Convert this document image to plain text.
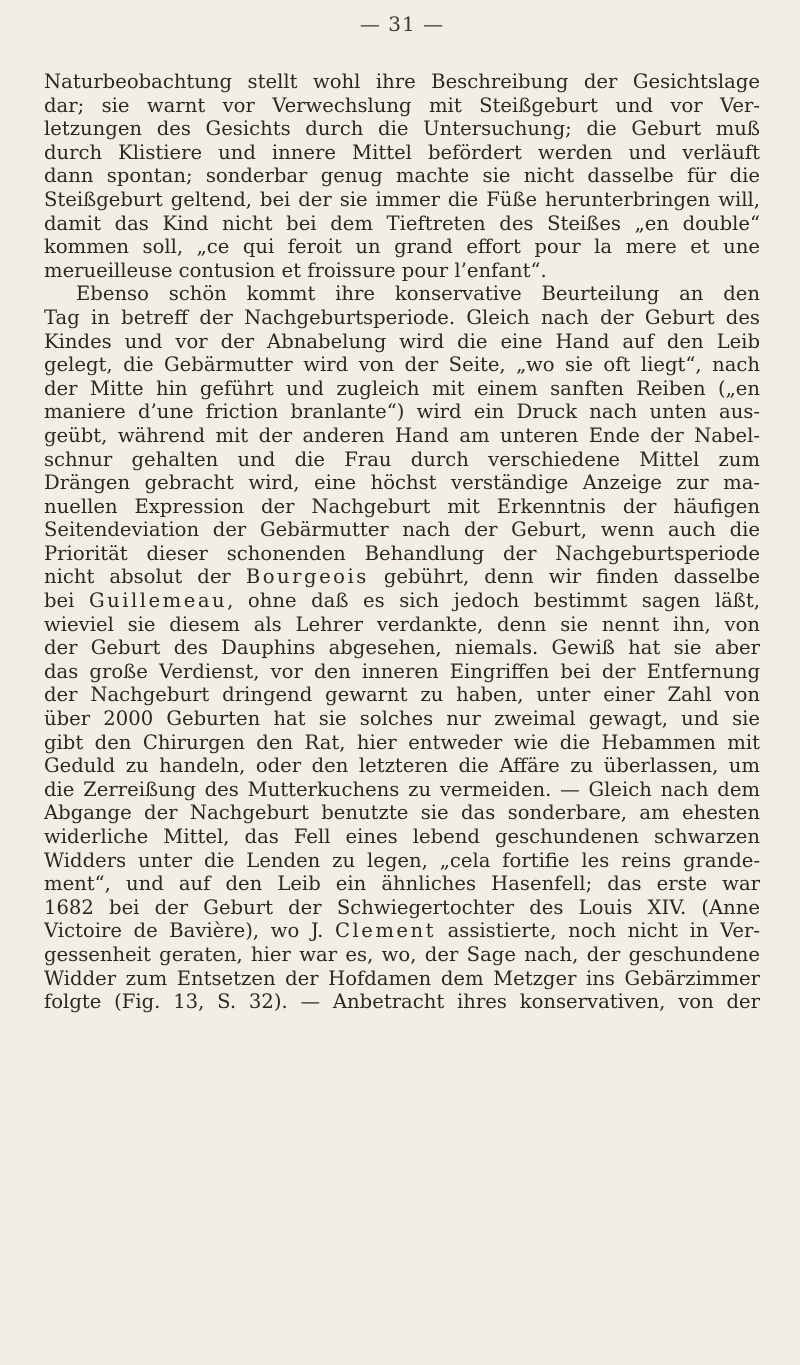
— 31 —
Naturbeobachtung stellt wohl ihre Beschreibung der Gesichtslage
dar; sie warnt vor Verwechslung mit Steißgeburt und vor Ver-
letzungen des Gesichts durch die Untersuchung; die Geburt muß
durch Klistiere und innere Mittel befördert werden und verläuft
dann spontan; sonderbar genug machte sie nicht dasselbe für die
Steißgeburt geltend, bei der sie immer die Füße herunterbringen will,
damit das Kind nicht bei dem Tieftreten des Steißes „en double“
kommen soll, „ce qui feroit un grand effort pour la mere et une
merueilleuse contusion et froissure pour l’enfant“.
Ebenso schön kommt ihre konservative Beurteilung an den
Tag in betreff der Nachgeburtsperiode. Gleich nach der Geburt des
Kindes und vor der Abnabelung wird die eine Hand auf den Leib
gelegt, die Gebärmutter wird von der Seite, „wo sie oft liegt“, nach
der Mitte hin geführt und zugleich mit einem sanften Reiben („en
maniere d’une friction branlante“) wird ein Druck nach unten aus-
geübt, während mit der anderen Hand am unteren Ende der Nabel-
schnur gehalten und die Frau durch verschiedene Mittel zum
Drängen gebracht wird, eine höchst verständige Anzeige zur ma-
nuellen Expression der Nachgeburt mit Erkenntnis der häufigen
Seitendeviation der Gebärmutter nach der Geburt, wenn auch die
Priorität dieser schonenden Behandlung der Nachgeburtsperiode
nicht absolut der Bourgeois gebührt, denn wir finden dasselbe
bei Guillemeau, ohne daß es sich jedoch bestimmt sagen läßt,
wieviel sie diesem als Lehrer verdankte, denn sie nennt ihn, von
der Geburt des Dauphins abgesehen, niemals. Gewiß hat sie aber
das große Verdienst, vor den inneren Eingriffen bei der Entfernung
der Nachgeburt dringend gewarnt zu haben, unter einer Zahl von
über 2000 Geburten hat sie solches nur zweimal gewagt, und sie
gibt den Chirurgen den Rat, hier entweder wie die Hebammen mit
Geduld zu handeln, oder den letzteren die Affäre zu überlassen, um
die Zerreißung des Mutterkuchens zu vermeiden. — Gleich nach dem
Abgange der Nachgeburt benutzte sie das sonderbare, am ehesten
widerliche Mittel, das Fell eines lebend geschundenen schwarzen
Widders unter die Lenden zu legen, „cela fortifie les reins grande-
ment“, und auf den Leib ein ähnliches Hasenfell; das erste war
1682 bei der Geburt der Schwiegertochter des Louis XIV. (Anne
Victoire de Bavière), wo J. Clement assistierte, noch nicht in Ver-
gessenheit geraten, hier war es, wo, der Sage nach, der geschundene
Widder zum Entsetzen der Hofdamen dem Metzger ins Gebärzimmer
folgte (Fig. 13, S. 32). — Anbetracht ihres konservativen, von der
